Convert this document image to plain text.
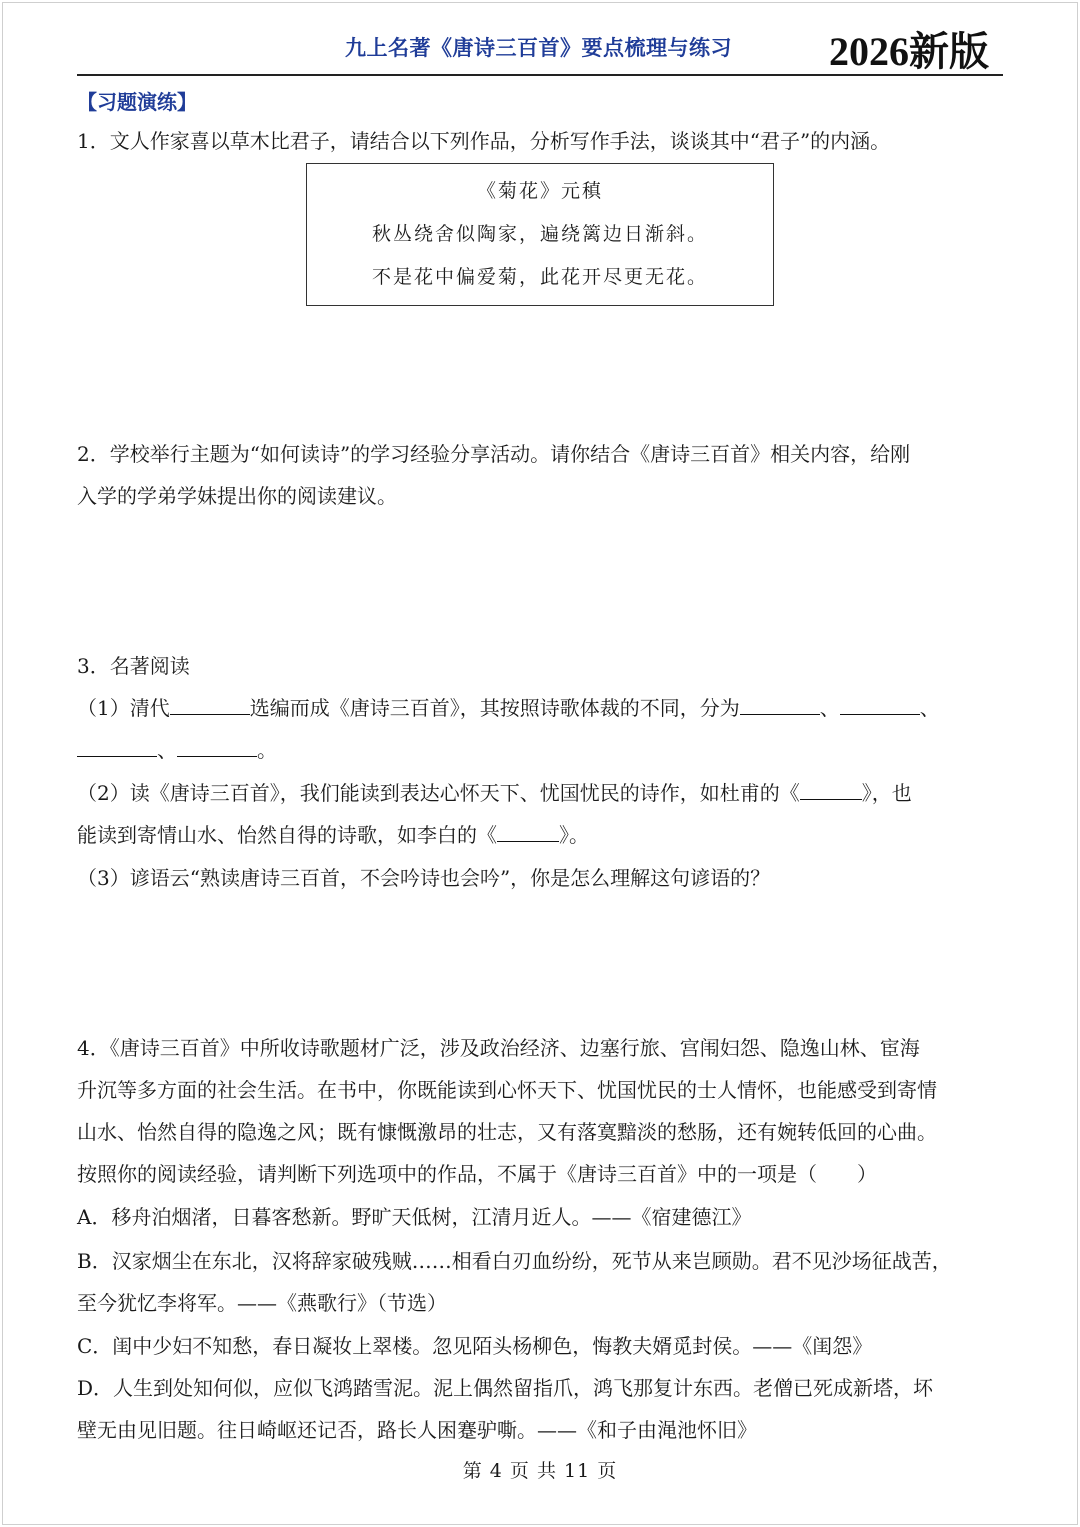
九上名著《唐诗三百首》要点梳理与练习 2026新版
【习题演练】
1．文人作家喜以草木比君子，请结合以下列作品，分析写作手法，谈谈其中“君子”的内涵。
《菊花》元稹
秋丛绕舍似陶家，遍绕篱边日渐斜。
不是花中偏爱菊，此花开尽更无花。
2．学校举行主题为“如何读诗”的学习经验分享活动。请你结合《唐诗三百首》相关内容，给刚
入学的学弟学妹提出你的阅读建议。
3．名著阅读
（1）清代	选编而成《唐诗三百首》，其按照诗歌体裁的不同，分为	、	、
、	。
（2）读《唐诗三百首》，我们能读到表达心怀天下、忧国忧民的诗作，如杜甫的《	》，也
能读到寄情山水、怡然自得的诗歌，如李白的《	》。
（3）谚语云“熟读唐诗三百首，不会吟诗也会吟”，你是怎么理解这句谚语的？
4．《唐诗三百首》中所收诗歌题材广泛，涉及政治经济、边塞行旅、宫闱妇怨、隐逸山林、宦海
升沉等多方面的社会生活。在书中，你既能读到心怀天下、忧国忧民的士人情怀，也能感受到寄情
山水、怡然自得的隐逸之风；既有慷慨激昂的壮志，又有落寞黯淡的愁肠，还有婉转低回的心曲。
按照你的阅读经验，请判断下列选项中的作品，不属于《唐诗三百首》中的一项是（　　）
A．移舟泊烟渚，日暮客愁新。野旷天低树，江清月近人。——《宿建德江》
B．汉家烟尘在东北，汉将辞家破残贼……相看白刃血纷纷，死节从来岂顾勋。君不见沙场征战苦，
至今犹忆李将军。——《燕歌行》（节选）
C．闺中少妇不知愁，春日凝妆上翠楼。忽见陌头杨柳色，悔教夫婿觅封侯。——《闺怨》
D．人生到处知何似，应似飞鸿踏雪泥。泥上偶然留指爪，鸿飞那复计东西。老僧已死成新塔，坏
壁无由见旧题。往日崎岖还记否，路长人困蹇驴嘶。——《和子由渑池怀旧》
第 4 页 共 11 页
